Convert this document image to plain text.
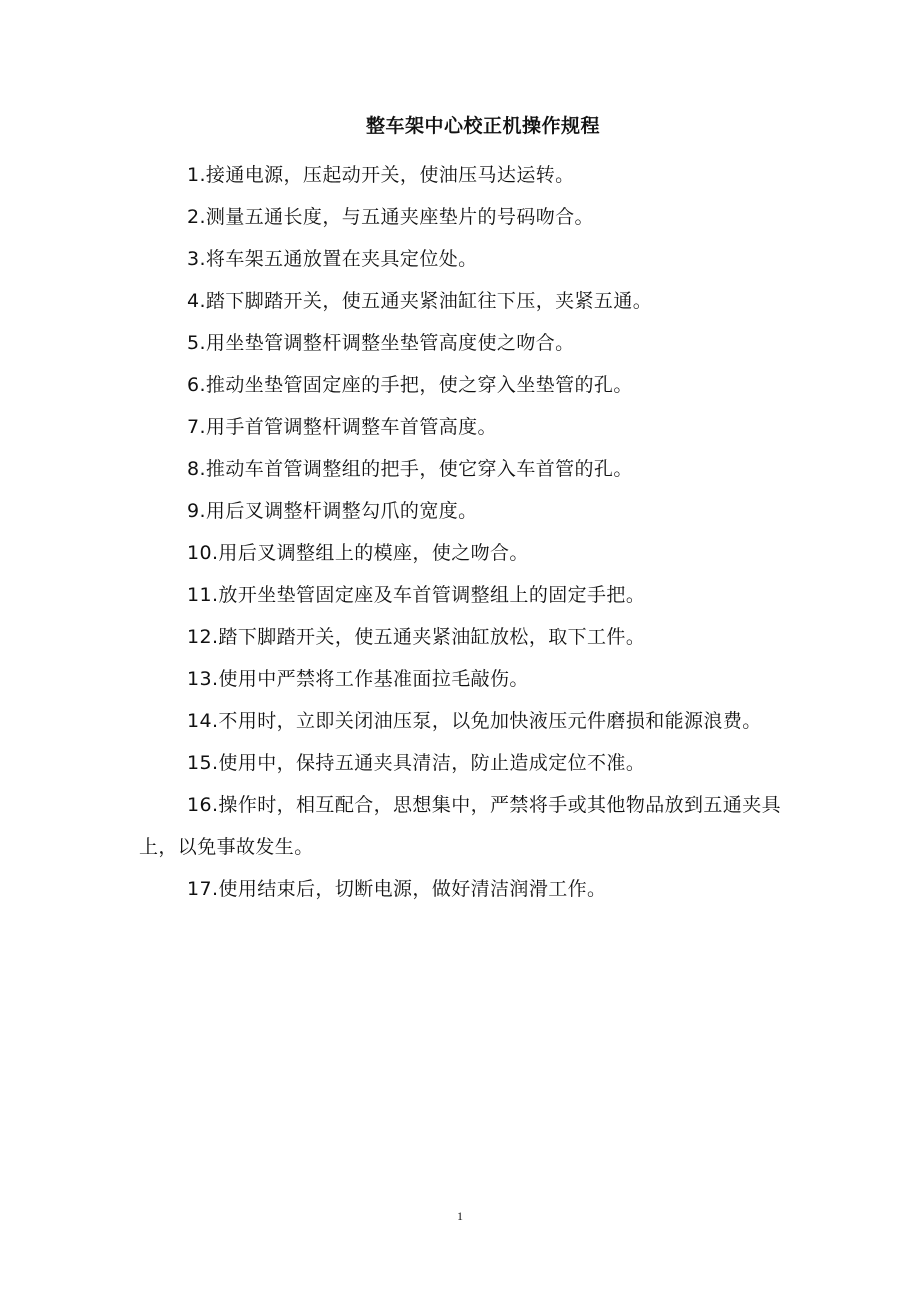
整车架中心校正机操作规程

1.接通电源，压起动开关，使油压马达运转。

2.测量五通长度，与五通夹座垫片的号码吻合。

3.将车架五通放置在夹具定位处。

4.踏下脚踏开关，使五通夹紧油缸往下压，夹紧五通。

5.用坐垫管调整杆调整坐垫管高度使之吻合。

6.推动坐垫管固定座的手把，使之穿入坐垫管的孔。

7.用手首管调整杆调整车首管高度。

8.推动车首管调整组的把手，使它穿入车首管的孔。

9.用后叉调整杆调整勾爪的宽度。

10.用后叉调整组上的模座，使之吻合。

11.放开坐垫管固定座及车首管调整组上的固定手把。

12.踏下脚踏开关，使五通夹紧油缸放松，取下工件。

13.使用中严禁将工作基准面拉毛敲伤。

14.不用时，立即关闭油压泵，以免加快液压元件磨损和能源浪费。

15.使用中，保持五通夹具清洁，防止造成定位不准。

16.操作时，相互配合，思想集中，严禁将手或其他物品放到五通夹具上，以免事故发生。

17.使用结束后，切断电源，做好清洁润滑工作。

1
